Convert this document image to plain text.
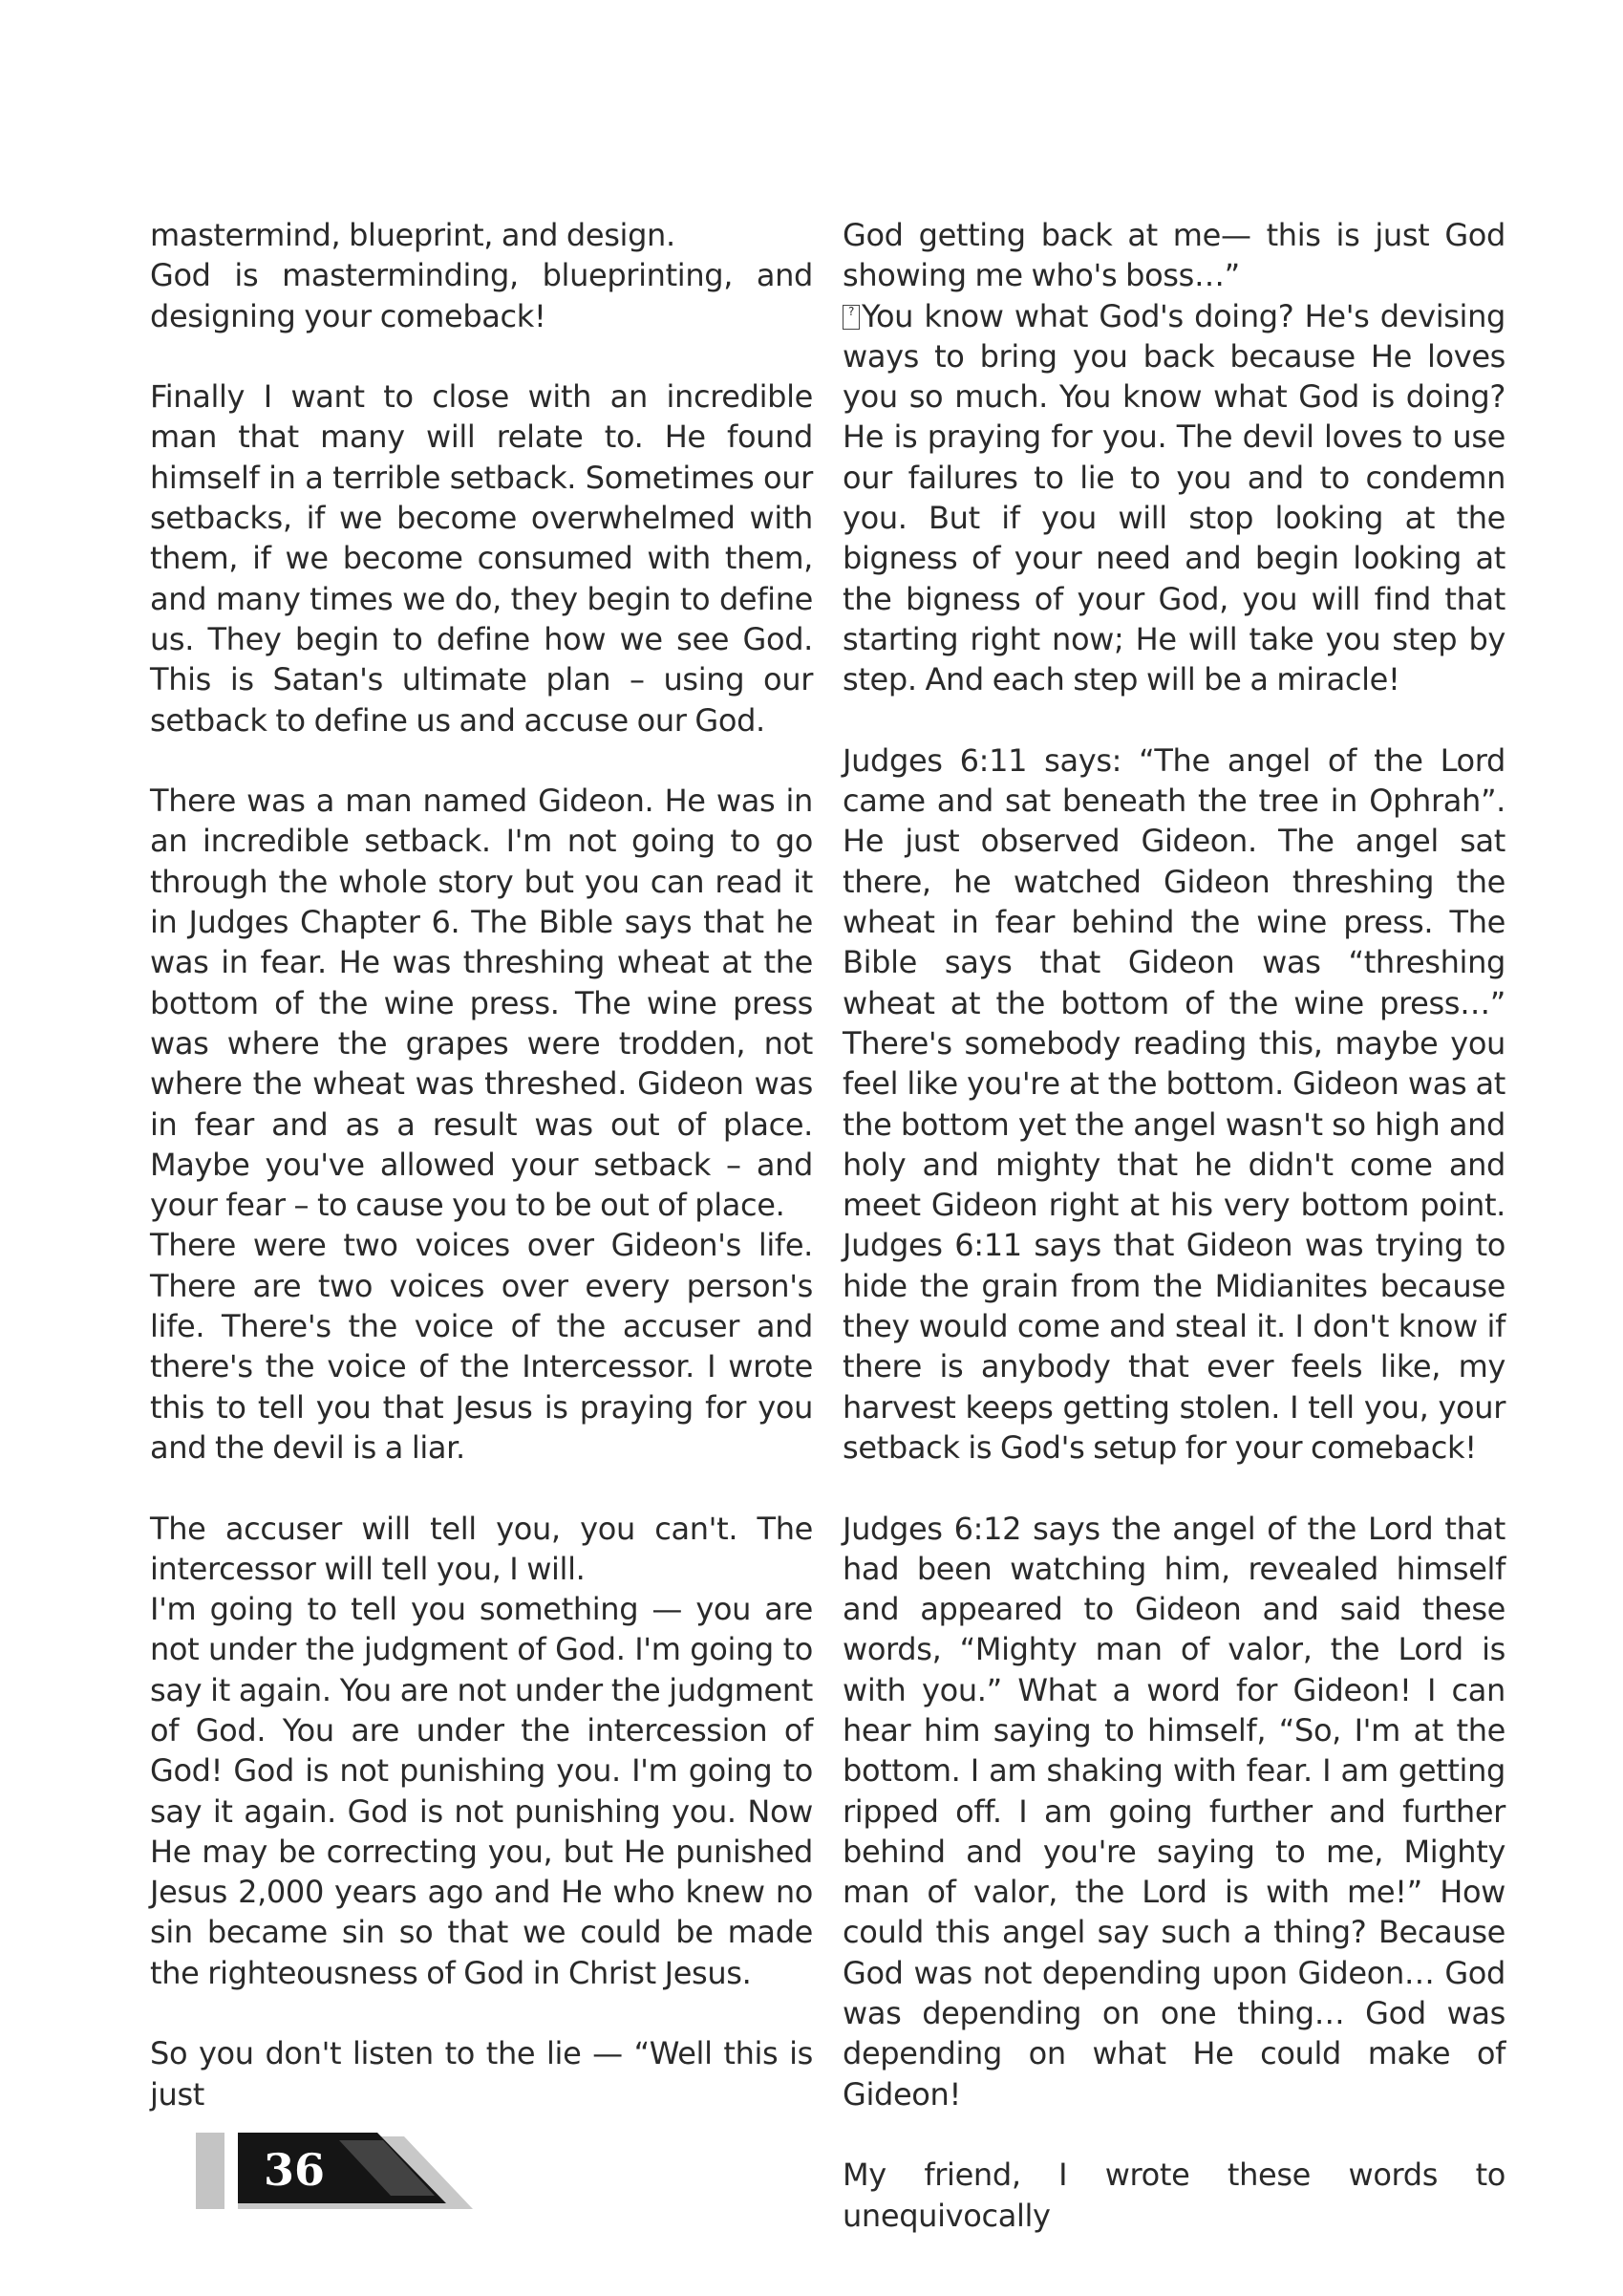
mastermind, blueprint, and design.

God is masterminding, blueprinting, and designing your comeback!

Finally I want to close with an incredible man that many will relate to. He found himself in a terrible setback. Sometimes our setbacks, if we become overwhelmed with them, if we become consumed with them, and many times we do, they begin to define us. They begin to define how we see God. This is Satan's ultimate plan – using our setback to define us and accuse our God.

There was a man named Gideon. He was in an incredible setback. I'm not going to go through the whole story but you can read it in Judges Chapter 6. The Bible says that he was in fear. He was threshing wheat at the bottom of the wine press. The wine press was where the grapes were trodden, not where the wheat was threshed. Gideon was in fear and as a result was out of place. Maybe you've allowed your setback – and your fear – to cause you to be out of place.

There were two voices over Gideon's life. There are two voices over every person's life. There's the voice of the accuser and there's the voice of the Intercessor. I wrote this to tell you that Jesus is praying for you and the devil is a liar.

The accuser will tell you, you can't. The intercessor will tell you, I will.

I'm going to tell you something — you are not under the judgment of God. I'm going to say it again. You are not under the judgment of God. You are under the intercession of God! God is not punishing you. I'm going to say it again. God is not punishing you. Now He may be correcting you, but He punished Jesus 2,000 years ago and He who knew no sin became sin so that we could be made the righteousness of God in Christ Jesus.

So you don't listen to the lie — “Well this is just

God getting back at me— this is just God showing me who's boss…”

? You know what God's doing? He's devising ways to bring you back because He loves you so much. You know what God is doing? He is praying for you. The devil loves to use our failures to lie to you and to condemn you. But if you will stop looking at the bigness of your need and begin looking at the bigness of your God, you will find that starting right now; He will take you step by step. And each step will be a miracle!

Judges 6:11 says: “The angel of the Lord came and sat beneath the tree in Ophrah”. He just observed Gideon. The angel sat there, he watched Gideon threshing the wheat in fear behind the wine press. The Bible says that Gideon was “threshing wheat at the bottom of the wine press…” There's somebody reading this, maybe you feel like you're at the bottom. Gideon was at the bottom yet the angel wasn't so high and holy and mighty that he didn't come and meet Gideon right at his very bottom point. Judges 6:11 says that Gideon was trying to hide the grain from the Midianites because they would come and steal it. I don't know if there is anybody that ever feels like, my harvest keeps getting stolen. I tell you, your setback is God's setup for your comeback!

Judges 6:12 says the angel of the Lord that had been watching him, revealed himself and appeared to Gideon and said these words, “Mighty man of valor, the Lord is with you.” What a word for Gideon! I can hear him saying to himself, “So, I'm at the bottom. I am shaking with fear. I am getting ripped off. I am going further and further behind and you're saying to me, Mighty man of valor, the Lord is with me!” How could this angel say such a thing? Because God was not depending upon Gideon… God was depending on one thing… God was depending on what He could make of Gideon!

My friend, I wrote these words to unequivocally

36
